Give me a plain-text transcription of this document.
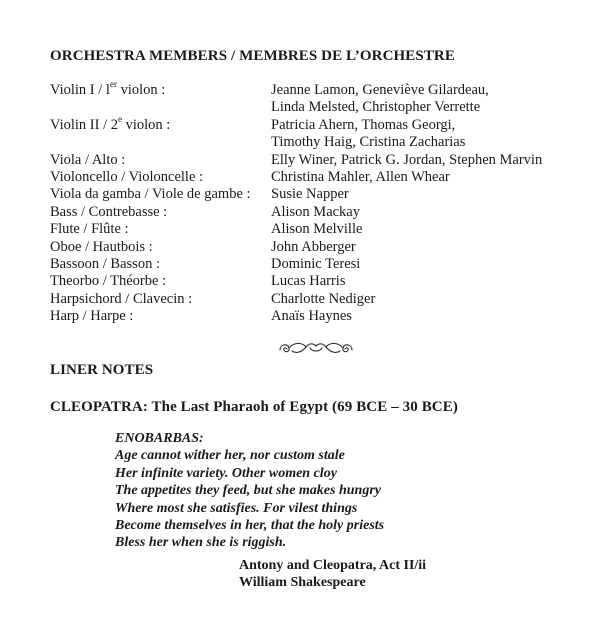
ORCHESTRA MEMBERS / MEMBRES DE L’ORCHESTRE
Violin I / $l^{er}$ violon :	Jeanne Lamon, Geneviève Gilardeau,
Linda Melsted, Christopher Verrette
Violin II / 2e violon :	Patricia Ahern, Thomas Georgi,
Timothy Haig, Cristina Zacharias
Viola / Alto :	Elly Winer, Patrick G. Jordan, Stephen Marvin
Violoncello / Violoncelle :	Christina Mahler, Allen Whear
Viola da gamba / Viole de gambe :	Susie Napper
Bass / Contrebasse :	Alison Mackay
Flute / Flûte :	Alison Melville
Oboe / Hautbois :	John Abberger
Bassoon / Basson :	Dominic Teresi
Theorbo / Théorbe :	Lucas Harris
Harpsichord / Clavecin :	Charlotte Nediger
Harp / Harpe :	Anaïs Haynes
LINER NOTES
CLEOPATRA: The Last Pharaoh of Egypt (69 BCE – 30 BCE)
ENOBARBAS:
Age cannot wither her, nor custom stale
Her infinite variety. Other women cloy
The appetites they feed, but she makes hungry
Where most she satisfies. For vilest things
Become themselves in her, that the holy priests
Bless her when she is riggish.
Antony and Cleopatra, Act II/ii
William Shakespeare
